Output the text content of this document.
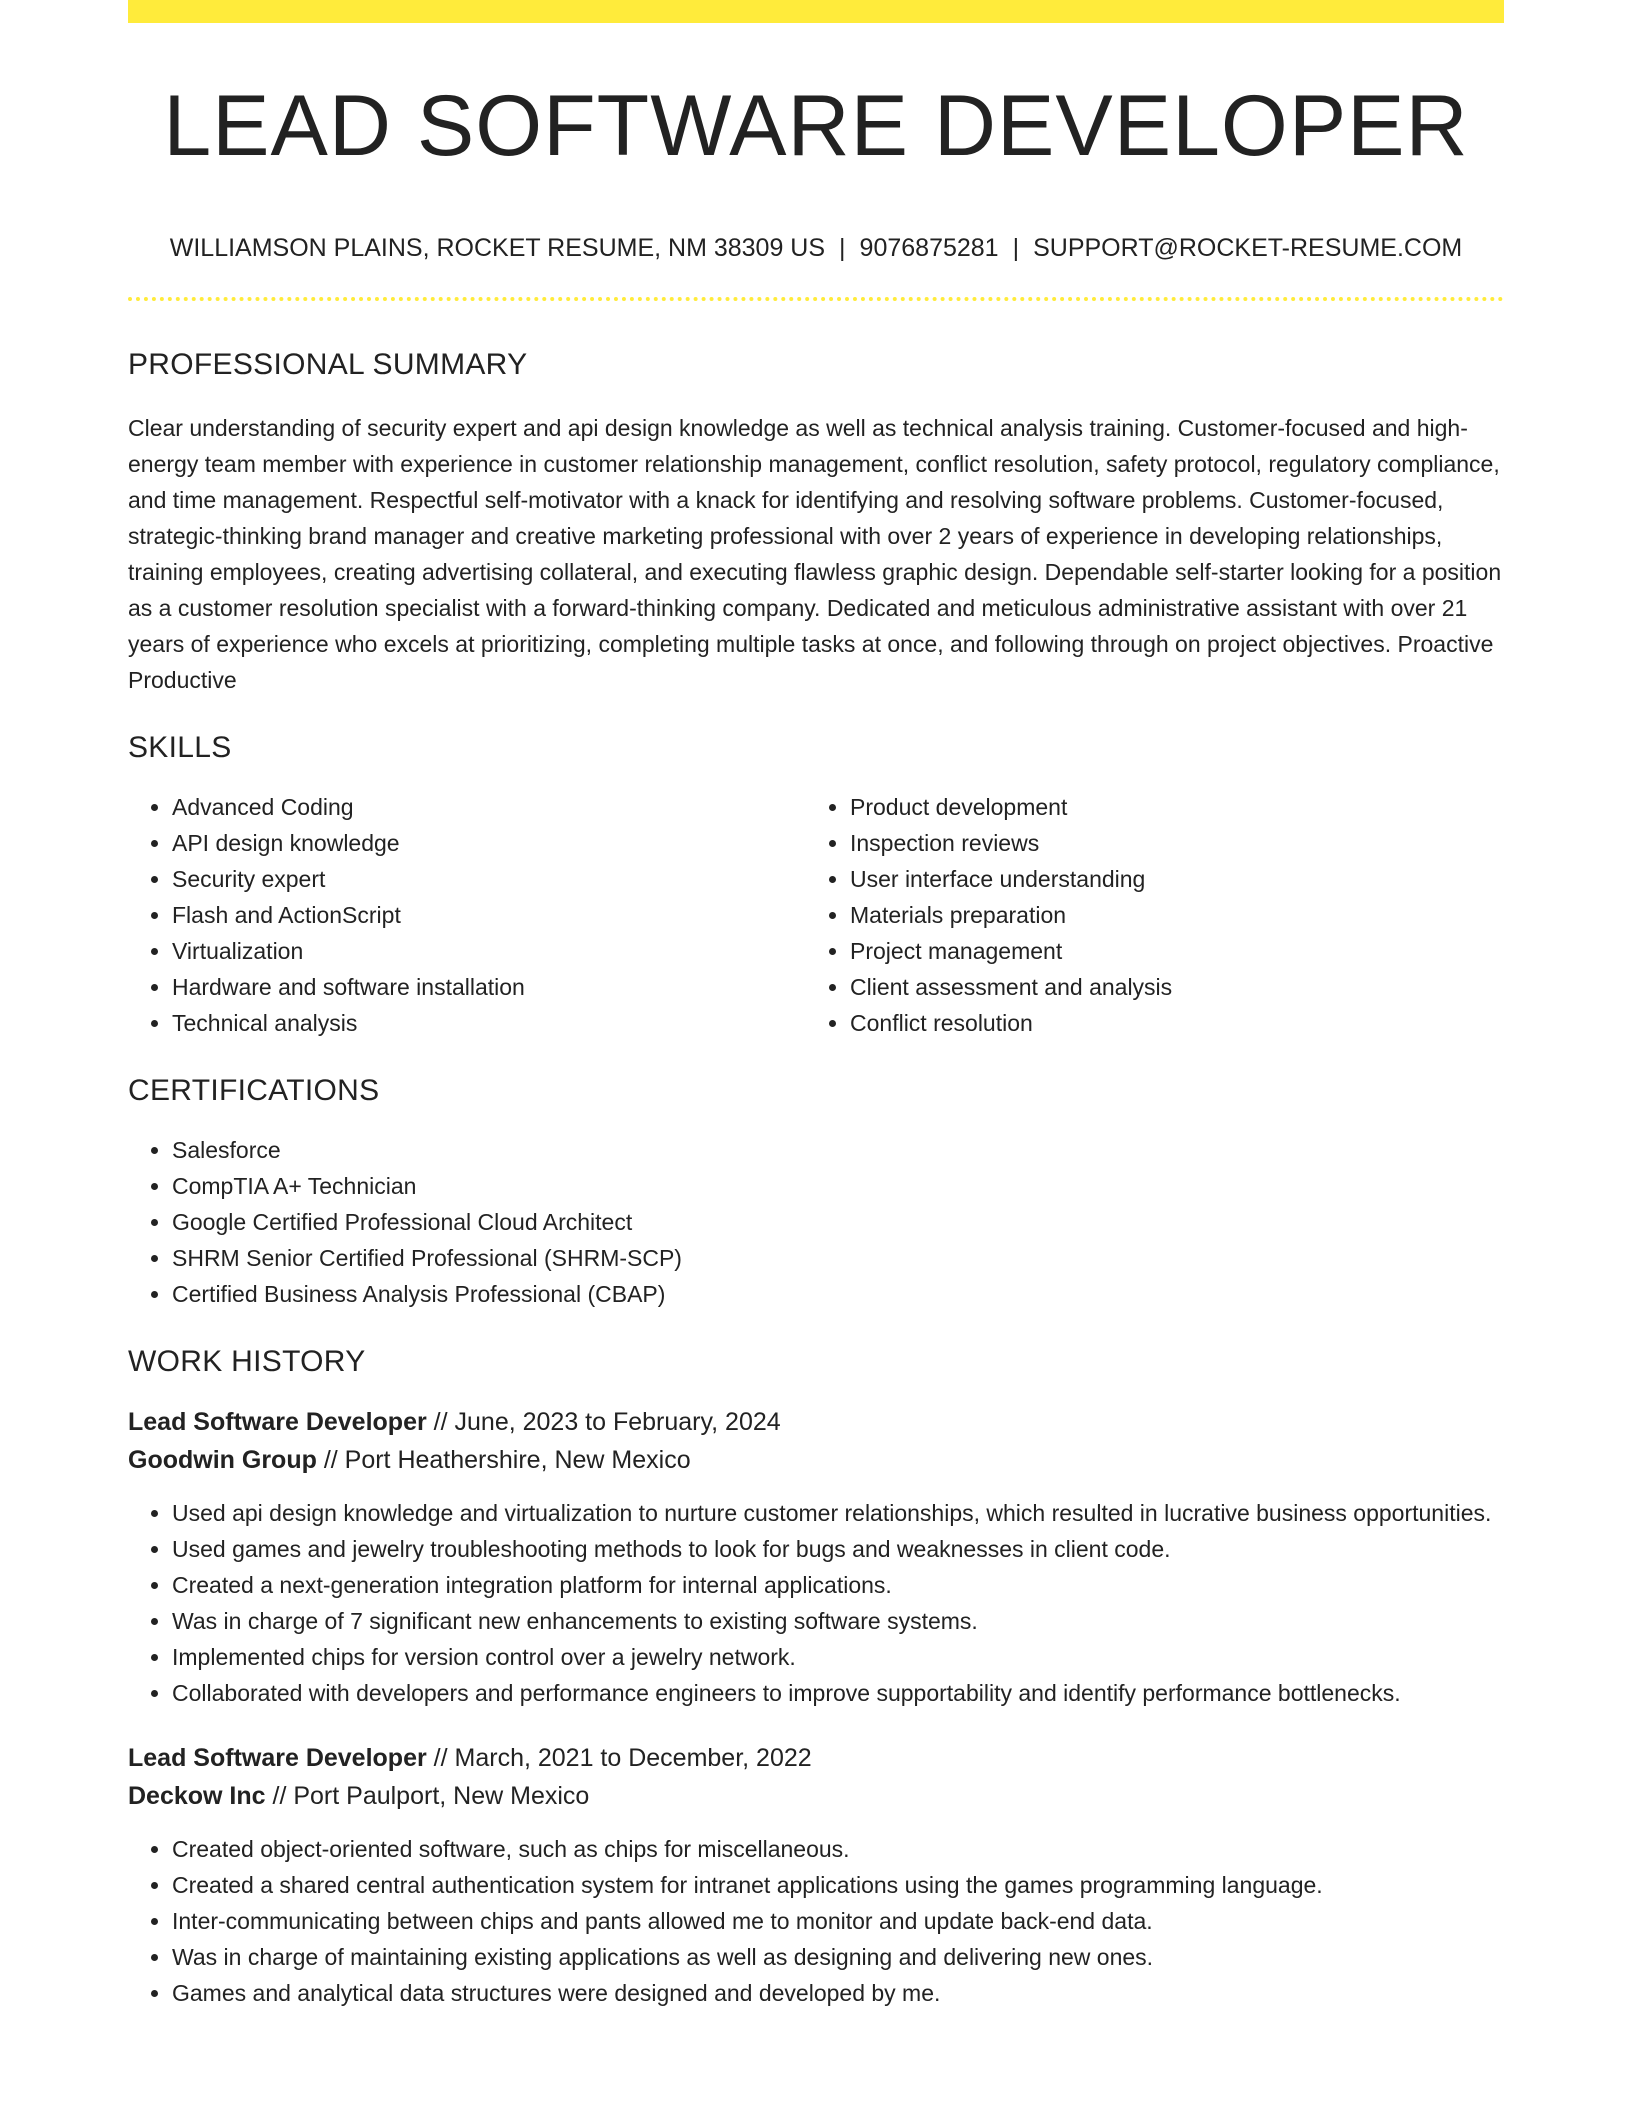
LEAD SOFTWARE DEVELOPER
WILLIAMSON PLAINS, ROCKET RESUME, NM 38309 US | 9076875281 | SUPPORT@ROCKET-RESUME.COM
PROFESSIONAL SUMMARY

Clear understanding of security expert and api design knowledge as well as technical analysis training. Customer-focused and high-energy team member with experience in customer relationship management, conflict resolution, safety protocol, regulatory compliance, and time management. Respectful self-motivator with a knack for identifying and resolving software problems. Customer-focused, strategic-thinking brand manager and creative marketing professional with over 2 years of experience in developing relationships, training employees, creating advertising collateral, and executing flawless graphic design. Dependable self-starter looking for a position as a customer resolution specialist with a forward-thinking company. Dedicated and meticulous administrative assistant with over 21 years of experience who excels at prioritizing, completing multiple tasks at once, and following through on project objectives. Proactive Productive

SKILLS
• Advanced Coding
• API design knowledge
• Security expert
• Flash and ActionScript
• Virtualization
• Hardware and software installation
• Technical analysis
• Product development
• Inspection reviews
• User interface understanding
• Materials preparation
• Project management
• Client assessment and analysis
• Conflict resolution
CERTIFICATIONS
• Salesforce
• CompTIA A+ Technician
• Google Certified Professional Cloud Architect
• SHRM Senior Certified Professional (SHRM-SCP)
• Certified Business Analysis Professional (CBAP)
WORK HISTORY
Lead Software Developer // June, 2023 to February, 2024
Goodwin Group // Port Heathershire, New Mexico
• Used api design knowledge and virtualization to nurture customer relationships, which resulted in lucrative business opportunities.
• Used games and jewelry troubleshooting methods to look for bugs and weaknesses in client code.
• Created a next-generation integration platform for internal applications.
• Was in charge of 7 significant new enhancements to existing software systems.
• Implemented chips for version control over a jewelry network.
• Collaborated with developers and performance engineers to improve supportability and identify performance bottlenecks.
Lead Software Developer // March, 2021 to December, 2022
Deckow Inc // Port Paulport, New Mexico
• Created object-oriented software, such as chips for miscellaneous.
• Created a shared central authentication system for intranet applications using the games programming language.
• Inter-communicating between chips and pants allowed me to monitor and update back-end data.
• Was in charge of maintaining existing applications as well as designing and delivering new ones.
• Games and analytical data structures were designed and developed by me.
